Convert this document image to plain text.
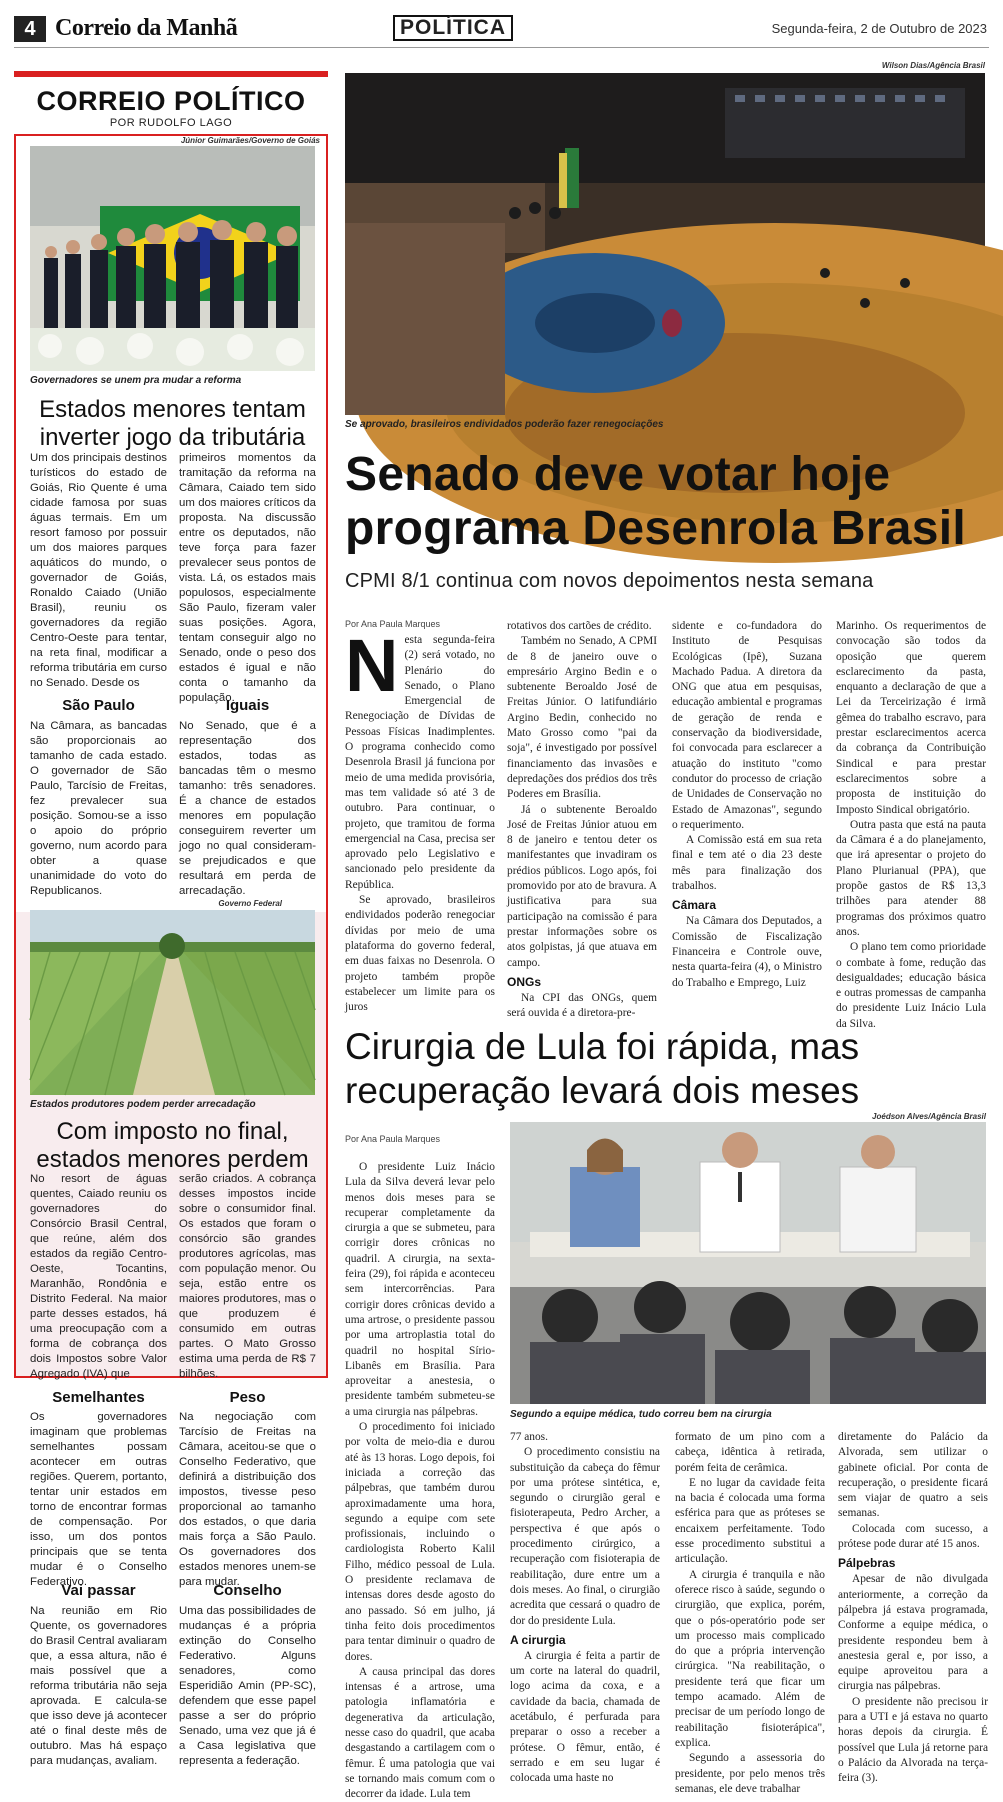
4 Correio da Manhã	POLÍTICA	Segunda-feira, 2 de Outubro de 2023
CORREIO POLÍTICO
POR RUDOLFO LAGO
Júnior Guimarães/Governo de Goiás
Governadores se unem pra mudar a reforma
Estados menores tentam inverter jogo da tributária
Um dos principais destinos turísticos do estado de Goiás, Rio Quente é uma cidade famosa por suas águas termais. Em um resort famoso por possuir um dos maiores parques aquáticos do mundo, o governador de Goiás, Ronaldo Caiado (União Brasil), reuniu os governadores da região Centro-Oeste para tentar, na reta final, modificar a reforma tributária em curso no Senado. Desde os
primeiros momentos da tramitação da reforma na Câmara, Caiado tem sido um dos maiores críticos da proposta. Na discussão entre os deputados, não teve força para fazer prevalecer seus pontos de vista. Lá, os estados mais populosos, especialmente São Paulo, fizeram valer suas posições. Agora, tentam conseguir algo no Senado, onde o peso dos estados é igual e não conta o tamanho da população.
São Paulo
Na Câmara, as bancadas são proporcionais ao tamanho de cada estado. O governador de São Paulo, Tarcísio de Freitas, fez prevalecer sua posição. Somou-se a isso o apoio do próprio governo, num acordo para obter a quase unanimidade do voto do Republicanos.
Iguais
No Senado, que é a representação dos estados, todas as bancadas têm o mesmo tamanho: três senadores. É a chance de estados menores em população conseguirem reverter um jogo no qual consideram-se prejudicados e que resultará em perda de arrecadação.
Governo Federal
Estados produtores podem perder arrecadação
Com imposto no final, estados menores perdem
No resort de águas quentes, Caiado reuniu os governadores do Consórcio Brasil Central, que reúne, além dos estados da região Centro-Oeste, Tocantins, Maranhão, Rondônia e Distrito Federal. Na maior parte desses estados, há uma preocupação com a forma de cobrança dos dois Impostos sobre Valor Agregado (IVA) que
serão criados. A cobrança desses impostos incide sobre o consumidor final. Os estados que foram o consórcio são grandes produtores agrícolas, mas com população menor. Ou seja, estão entre os maiores produtores, mas o que produzem é consumido em outras partes. O Mato Grosso estima uma perda de R$ 7 bilhões.
Semelhantes
Os governadores imaginam que problemas semelhantes possam acontecer em outras regiões. Querem, portanto, tentar unir estados em torno de encontrar formas de compensação. Por isso, um dos pontos principais que se tenta mudar é o Conselho Federativo.
Peso
Na negociação com Tarcísio de Freitas na Câmara, aceitou-se que o Conselho Federativo, que definirá a distribuição dos impostos, tivesse peso proporcional ao tamanho dos estados, o que daria mais força a São Paulo. Os governadores dos estados menores unem-se para mudar.
Vai passar
Na reunião em Rio Quente, os governadores do Brasil Central avaliaram que, a essa altura, não é mais possível que a reforma tributária não seja aprovada. E calcula-se que isso deve já acontecer até o final deste mês de outubro. Mas há espaço para mudanças, avaliam.
Conselho
Uma das possibilidades de mudanças é a própria extinção do Conselho Federativo. Alguns senadores, como Esperidião Amin (PP-SC), defendem que esse papel passe a ser do próprio Senado, uma vez que já é a Casa legislativa que representa a federação.
Wilson Dias/Agência Brasil
Se aprovado, brasileiros endividados poderão fazer renegociações
Senado deve votar hoje
programa Desenrola Brasil
CPMI 8/1 continua com novos depoimentos nesta semana
Por Ana Paula Marques
Nesta segunda-feira (2) será votado, no Plenário do Senado, o Plano Emergencial de Renegociação de Dívidas de Pessoas Físicas Inadimplentes. O programa conhecido como Desenrola Brasil já funciona por meio de uma medida provisória, mas tem validade só até 3 de outubro. Para continuar, o projeto, que tramitou de forma emergencial na Casa, precisa ser aprovado pelo Legislativo e sancionado pelo presidente da República.

Se aprovado, brasileiros endividados poderão renegociar dívidas por meio de uma plataforma do governo federal, em duas faixas no Desenrola. O projeto também propõe estabelecer um limite para os juros

rotativos dos cartões de crédito.

Também no Senado, A CPMI de 8 de janeiro ouve o empresário Argino Bedin e o subtenente Beroaldo José de Freitas Júnior. O latifundiário Argino Bedin, conhecido no Mato Grosso como "pai da soja", é investigado por possível financiamento das invasões e depredações dos prédios dos três Poderes em Brasília.

Já o subtenente Beroaldo José de Freitas Júnior atuou em 8 de janeiro e tentou deter os manifestantes que invadiram os prédios públicos. Logo após, foi promovido por ato de bravura. A justificativa para sua participação na comissão é para prestar informações sobre os atos golpistas, já que atuava em campo.

ONGs

Na CPI das ONGs, quem será ouvida é a diretora-pre-

sidente e co-fundadora do Instituto de Pesquisas Ecológicas (Ipê), Suzana Machado Padua. A diretora da ONG que atua em pesquisas, educação ambiental e programas de geração de renda e conservação da biodiversidade, foi convocada para esclarecer a atuação do instituto "como condutor do processo de criação de Unidades de Conservação no Estado de Amazonas", segundo o requerimento.

A Comissão está em sua reta final e tem até o dia 23 deste mês para finalização dos trabalhos.

Câmara

Na Câmara dos Deputados, a Comissão de Fiscalização Financeira e Controle ouve, nesta quarta-feira (4), o Ministro do Trabalho e Emprego, Luiz

Marinho. Os requerimentos de convocação são todos da oposição que querem esclarecimento da pasta, enquanto a declaração de que a Lei da Terceirização é irmã gêmea do trabalho escravo, para prestar esclarecimentos acerca da cobrança da Contribuição Sindical e para prestar esclarecimentos sobre a proposta de instituição do Imposto Sindical obrigatório.

Outra pasta que está na pauta da Câmara é a do planejamento, que irá apresentar o projeto do Plano Plurianual (PPA), que propõe gastos de R$ 13,3 trilhões para atender 88 programas dos próximos quatro anos.

O plano tem como prioridade o combate à fome, redução das desigualdades; educação básica e outras promessas de campanha do presidente Luiz Inácio Lula da Silva.

Cirurgia de Lula foi rápida, mas
recuperação levará dois meses
Joédson Alves/Agência Brasil
Segundo a equipe médica, tudo correu bem na cirurgia
Por Ana Paula Marques

O presidente Luiz Inácio Lula da Silva deverá levar pelo menos dois meses para se recuperar completamente da cirurgia a que se submeteu, para corrigir dores crônicas no quadril. A cirurgia, na sexta-feira (29), foi rápida e aconteceu sem intercorrências. Para corrigir dores crônicas devido a uma artrose, o presidente passou por uma artroplastia total do quadril no hospital Sírio-Libanês em Brasília. Para aproveitar a anestesia, o presidente também submeteu-se a uma cirurgia nas pálpebras.

O procedimento foi iniciado por volta de meio-dia e durou até às 13 horas. Logo depois, foi iniciada a correção das pálpebras, que também durou aproximadamente uma hora, segundo a equipe com sete profissionais, incluindo o cardiologista Roberto Kalil Filho, médico pessoal de Lula. O presidente reclamava de intensas dores desde agosto do ano passado. Só em julho, já tinha feito dois procedimentos para tentar diminuir o quadro de dores.

A causa principal das dores intensas é a artrose, uma patologia inflamatória e degenerativa da articulação, nesse caso do quadril, que acaba desgastando a cartilagem com o fêmur. É uma patologia que vai se tornando mais comum com o decorrer da idade. Lula tem

77 anos.

O procedimento consistiu na substituição da cabeça do fêmur por uma prótese sintética, e, segundo o cirurgião geral e fisioterapeuta, Pedro Archer, a perspectiva é que após o procedimento cirúrgico, a recuperação com fisioterapia de reabilitação, dure entre um a dois meses. Ao final, o cirurgião acredita que cessará o quadro de dor do presidente Lula.

A cirurgia

A cirurgia é feita a partir de um corte na lateral do quadril, logo acima da coxa, e a cavidade da bacia, chamada de acetábulo, é perfurada para preparar o osso a receber a prótese. O fêmur, então, é serrado e em seu lugar é colocada uma haste no

formato de um pino com a cabeça, idêntica à retirada, porém feita de cerâmica.

E no lugar da cavidade feita na bacia é colocada uma forma esférica para que as próteses se encaixem perfeitamente. Todo esse procedimento substitui a articulação.

A cirurgia é tranquila e não oferece risco à saúde, segundo o cirurgião, que explica, porém, que o pós-operatório pode ser um processo mais complicado do que a própria intervenção cirúrgica. "Na reabilitação, o presidente terá que ficar um tempo acamado. Além de precisar de um período longo de reabilitação fisioterápica", explica.

Segundo a assessoria do presidente, por pelo menos três semanas, ele deve trabalhar

diretamente do Palácio da Alvorada, sem utilizar o gabinete oficial. Por conta de recuperação, o presidente ficará sem viajar de quatro a seis semanas.

Colocada com sucesso, a prótese pode durar até 15 anos.

Pálpebras

Apesar de não divulgada anteriormente, a correção da pálpebra já estava programada, Conforme a equipe médica, o presidente respondeu bem à anestesia geral e, por isso, a equipe aproveitou para a cirurgia nas pálpebras.

O presidente não precisou ir para a UTI e já estava no quarto horas depois da cirurgia. É possível que Lula já retorne para o Palácio da Alvorada na terça-feira (3).
